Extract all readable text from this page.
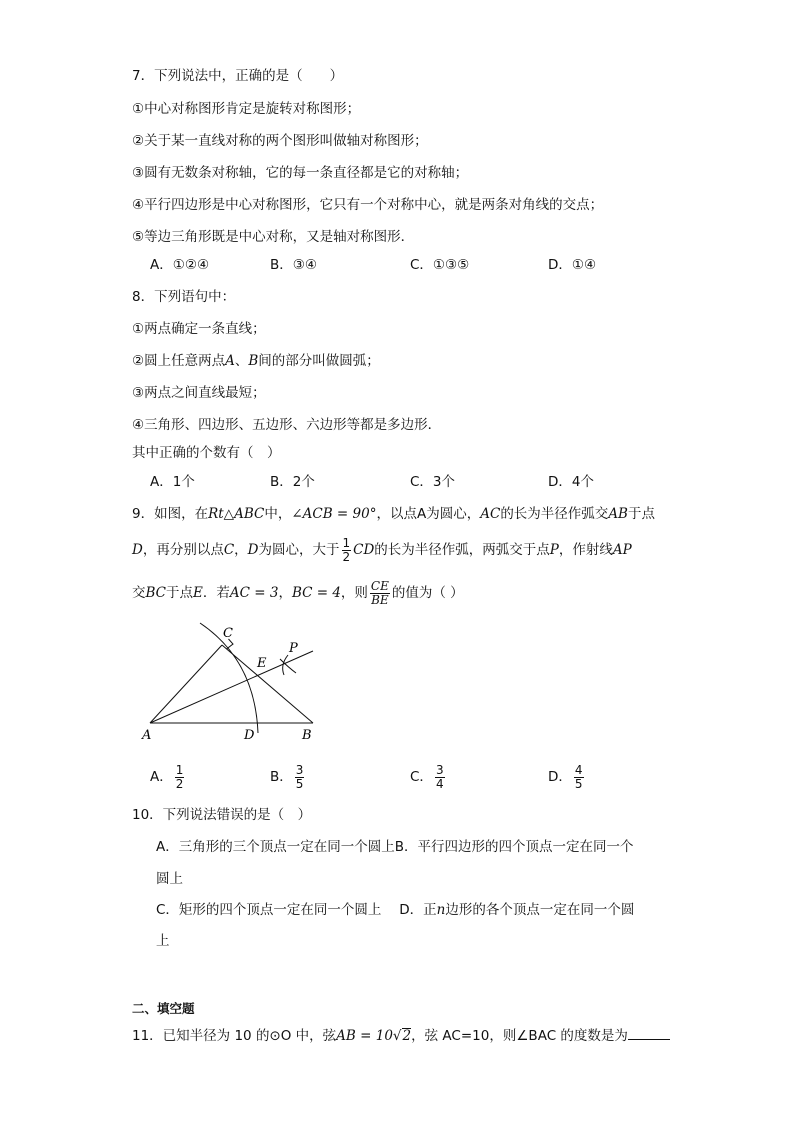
7．下列说法中，正确的是（　　）
①中心对称图形肯定是旋转对称图形；
②关于某一直线对称的两个图形叫做轴对称图形；
③圆有无数条对称轴，它的每一条直径都是它的对称轴；
④平行四边形是中心对称图形，它只有一个对称中心，就是两条对角线的交点；
⑤等边三角形既是中心对称，又是轴对称图形．
A．①②④	B．③④	C．①③⑤	D．①④
8．下列语句中：
①两点确定一条直线；
②圆上任意两点A、B间的部分叫做圆弧；
③两点之间直线最短；
④三角形、四边形、五边形、六边形等都是多边形．
其中正确的个数有（　）
A．1个	B．2个	C．3个	D．4个
9．如图，在Rt△ABC中，∠ACB = 90°，以点A为圆心，AC的长为半径作弧交AB于点
D，再分别以点C，D为圆心，大于 $\frac{1}{2}$ CD的长为半径作弧，两弧交于点P，作射线AP
交BC于点E．若AC = 3，BC = 4，则 $\frac{CE}{BE}$ 的值为（ ）
C
E
P
A	D	B
A． $\frac{1}{2}$	B． $\frac{3}{5}$	C． $\frac{3}{4}$	D． $\frac{4}{5}$
10．下列说法错误的是（　）
A．三角形的三个顶点一定在同一个圆上B．平行四边形的四个顶点一定在同一个
圆上
C．矩形的四个顶点一定在同一个圆上　 D．正n边形的各个顶点一定在同一个圆
上
二、填空题
11．已知半径为 10 的⊙O 中，弦AB = 10√2，弦 AC=10，则∠BAC 的度数是为
